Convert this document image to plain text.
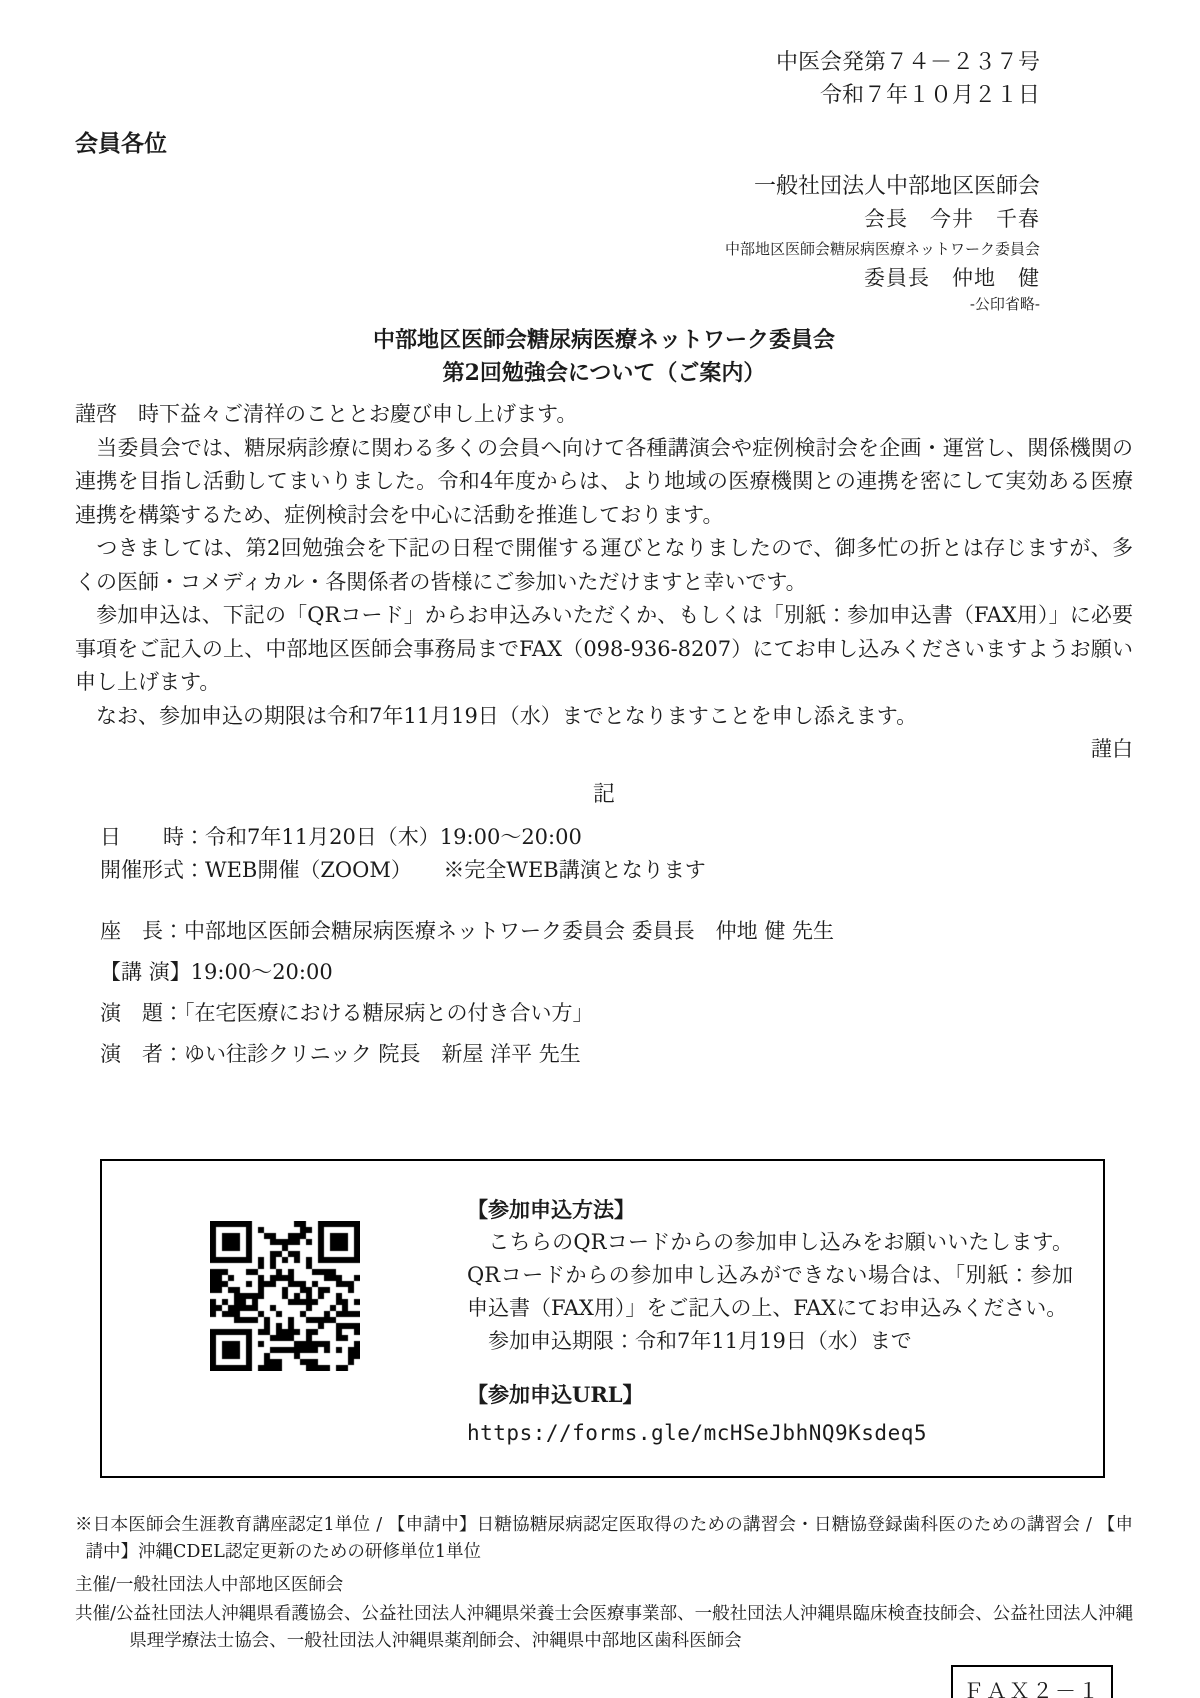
中医会発第７４－２３７号
令和７年１０月２１日
会員各位
一般社団法人中部地区医師会
会長　今井　千春
中部地区医師会糖尿病医療ネットワーク委員会
委員長　仲地　健
-公印省略-
中部地区医師会糖尿病医療ネットワーク委員会
第2回勉強会について（ご案内）

謹啓　時下益々ご清祥のこととお慶び申し上げます。

　当委員会では、糖尿病診療に関わる多くの会員へ向けて各種講演会や症例検討会を企画・運営し、関係機関の連携を目指し活動してまいりました。令和4年度からは、より地域の医療機関との連携を密にして実効ある医療連携を構築するため、症例検討会を中心に活動を推進しております。

　つきましては、第2回勉強会を下記の日程で開催する運びとなりましたので、御多忙の折とは存じますが、多くの医師・コメディカル・各関係者の皆様にご参加いただけますと幸いです。

　参加申込は、下記の「QRコード」からお申込みいただくか、もしくは「別紙：参加申込書（FAX用）」に必要事項をご記入の上、中部地区医師会事務局までFAX（098-936-8207）にてお申し込みくださいますようお願い申し上げます。

　なお、参加申込の期限は令和7年11月19日（水）までとなりますことを申し添えます。

謹白
記

日　　時：令和7年11月20日（木）19:00～20:00

開催形式：WEB開催（ZOOM）　　※完全WEB講演となります

座　長：中部地区医師会糖尿病医療ネットワーク委員会 委員長　仲地 健 先生

【講 演】19:00～20:00

演　題：「在宅医療における糖尿病との付き合い方」

演　者：ゆい往診クリニック 院長　新屋 洋平 先生

【参加申込方法】

　こちらのQRコードからの参加申し込みをお願いいたします。QRコードからの参加申し込みができない場合は、「別紙：参加申込書（FAX用）」をご記入の上、FAXにてお申込みください。

　参加申込期限：令和7年11月19日（水）まで

【参加申込URL】

https://forms.gle/mcHSeJbhNQ9Ksdeq5

※日本医師会生涯教育講座認定1単位 / 【申請中】日糖協糖尿病認定医取得のための講習会・日糖協登録歯科医のための講習会 / 【申請中】沖縄CDEL認定更新のための研修単位1単位

主催/一般社団法人中部地区医師会

共催/公益社団法人沖縄県看護協会、公益社団法人沖縄県栄養士会医療事業部、一般社団法人沖縄県臨床検査技師会、公益社団法人沖縄県理学療法士協会、一般社団法人沖縄県薬剤師会、沖縄県中部地区歯科医師会

ＦＡＸ２－１
